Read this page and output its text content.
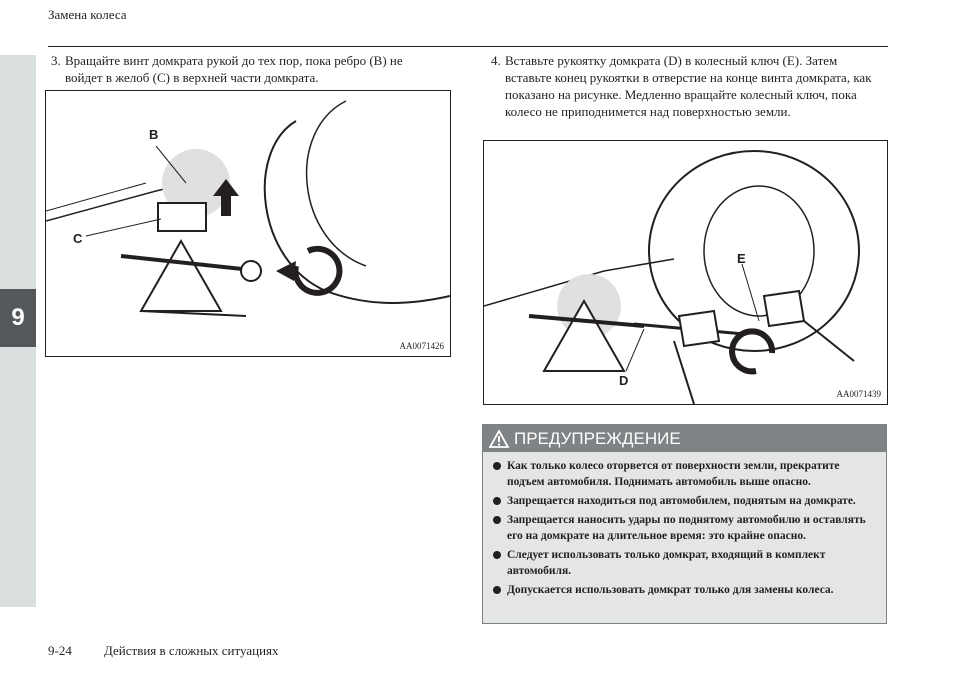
9
Замена колеса
3. Вращайте винт домкрата рукой до тех пор, пока ребро (B) не войдет в желоб (C) в верхней части домкрата.
B
C
AA0071426
4. Вставьте рукоятку домкрата (D) в колесный ключ (E). Затем вставьте конец рукоятки в отверстие на конце винта домкрата, как показано на рисунке. Медленно вращайте колесный ключ, пока колесо не приподнимется над поверхностью земли.
E
D
AA0071439
ПРЕДУПРЕЖДЕНИЕ
Как только колесо оторвется от поверхности земли, прекратите подъем автомобиля. Поднимать автомобиль выше опасно.
Запрещается находиться под автомобилем, поднятым на домкрате.
Запрещается наносить удары по поднятому автомобилю и оставлять его на домкрате на длительное время: это крайне опасно.
Следует использовать только домкрат, входящий в комплект автомобиля.
Допускается использовать домкрат только для замены колеса.
9-24 Действия в сложных ситуациях
